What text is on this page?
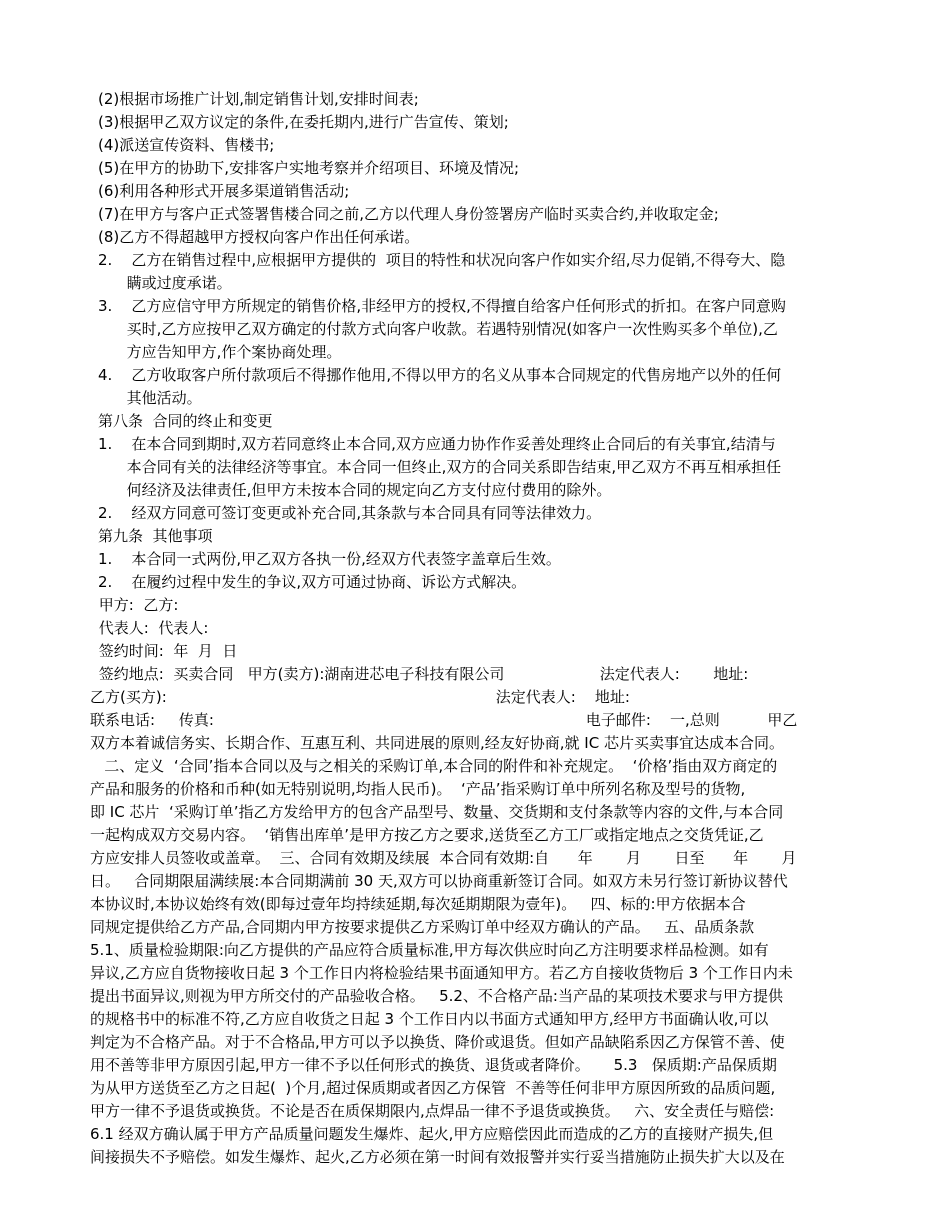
(2)根据市场推广计划,制定销售计划,安排时间表;
(3)根据甲乙双方议定的条件,在委托期内,进行广告宣传、策划;
(4)派送宣传资料、售楼书;
(5)在甲方的协助下,安排客户实地考察并介绍项目、环境及情况;
(6)利用各种形式开展多渠道销售活动;
(7)在甲方与客户正式签署售楼合同之前,乙方以代理人身份签署房产临时买卖合约,并收取定金;
(8)乙方不得超越甲方授权向客户作出任何承诺。
2.    乙方在销售过程中,应根据甲方提供的  项目的特性和状况向客户作如实介绍,尽力促销,不得夸大、隐
瞒或过度承诺。
3.    乙方应信守甲方所规定的销售价格,非经甲方的授权,不得擅自给客户任何形式的折扣。在客户同意购
买时,乙方应按甲乙双方确定的付款方式向客户收款。若遇特别情况(如客户一次性购买多个单位),乙
方应告知甲方,作个案协商处理。
4.    乙方收取客户所付款项后不得挪作他用,不得以甲方的名义从事本合同规定的代售房地产以外的任何
其他活动。
第八条  合同的终止和变更
1.    在本合同到期时,双方若同意终止本合同,双方应通力协作作妥善处理终止合同后的有关事宜,结清与
本合同有关的法律经济等事宜。本合同一但终止,双方的合同关系即告结束,甲乙双方不再互相承担任
何经济及法律责任,但甲方未按本合同的规定向乙方支付应付费用的除外。
2.    经双方同意可签订变更或补充合同,其条款与本合同具有同等法律效力。
第九条  其他事项
1.    本合同一式两份,甲乙双方各执一份,经双方代表签字盖章后生效。
2.    在履约过程中发生的争议,双方可通过协商、诉讼方式解决。
甲方:  乙方:
代表人:  代表人:
签约时间:  年  月  日
签约地点:  买卖合同   甲方(卖方):湖南进芯电子科技有限公司                    法定代表人:       地址:
乙方(买方):                                                                     法定代表人:    地址:
联系电话:     传真:                                                                              电子邮件:    一,总则          甲乙
双方本着诚信务实、长期合作、互惠互利、共同进展的原则,经友好协商,就 IC 芯片买卖事宜达成本合同。
二、定义  ‘合同’指本合同以及与之相关的采购订单,本合同的附件和补充规定。  ‘价格’指由双方商定的
产品和服务的价格和币种(如无特别说明,均指人民币)。  ‘产品’指采购订单中所列名称及型号的货物,
即 IC 芯片  ‘采购订单’指乙方发给甲方的包含产品型号、数量、交货期和支付条款等内容的文件,与本合同
一起构成双方交易内容。  ‘销售出库单’是甲方按乙方之要求,送货至乙方工厂或指定地点之交货凭证,乙
方应安排人员签收或盖章。  三、合同有效期及续展  本合同有效期:自      年       月       日至      年       月
日。   合同期限届满续展:本合同期满前 30 天,双方可以协商重新签订合同。如双方未另行签订新协议替代
本协议时,本协议始终有效(即每过壹年均持续延期,每次延期期限为壹年)。   四、标的:甲方依据本合
同规定提供给乙方产品,合同期内甲方按要求提供乙方采购订单中经双方确认的产品。   五、品质条款
5.1、质量检验期限:向乙方提供的产品应符合质量标准,甲方每次供应时向乙方注明要求样品检测。如有
异议,乙方应自货物接收日起 3 个工作日内将检验结果书面通知甲方。若乙方自接收货物后 3 个工作日内未
提出书面异议,则视为甲方所交付的产品验收合格。   5.2、不合格产品:当产品的某项技术要求与甲方提供
的规格书中的标准不符,乙方应自收货之日起 3 个工作日内以书面方式通知甲方,经甲方书面确认收,可以
判定为不合格产品。对于不合格品,甲方可以予以换货、降价或退货。但如产品缺陷系因乙方保管不善、使
用不善等非甲方原因引起,甲方一律不予以任何形式的换货、退货或者降价。     5.3   保质期:产品保质期
为从甲方送货至乙方之日起(  )个月,超过保质期或者因乙方保管  不善等任何非甲方原因所致的品质问题,
甲方一律不予退货或换货。不论是否在质保期限内,点焊品一律不予退货或换货。   六、安全责任与赔偿:
6.1 经双方确认属于甲方产品质量问题发生爆炸、起火,甲方应赔偿因此而造成的乙方的直接财产损失,但
间接损失不予赔偿。如发生爆炸、起火,乙方必须在第一时间有效报警并实行妥当措施防止损失扩大以及在
